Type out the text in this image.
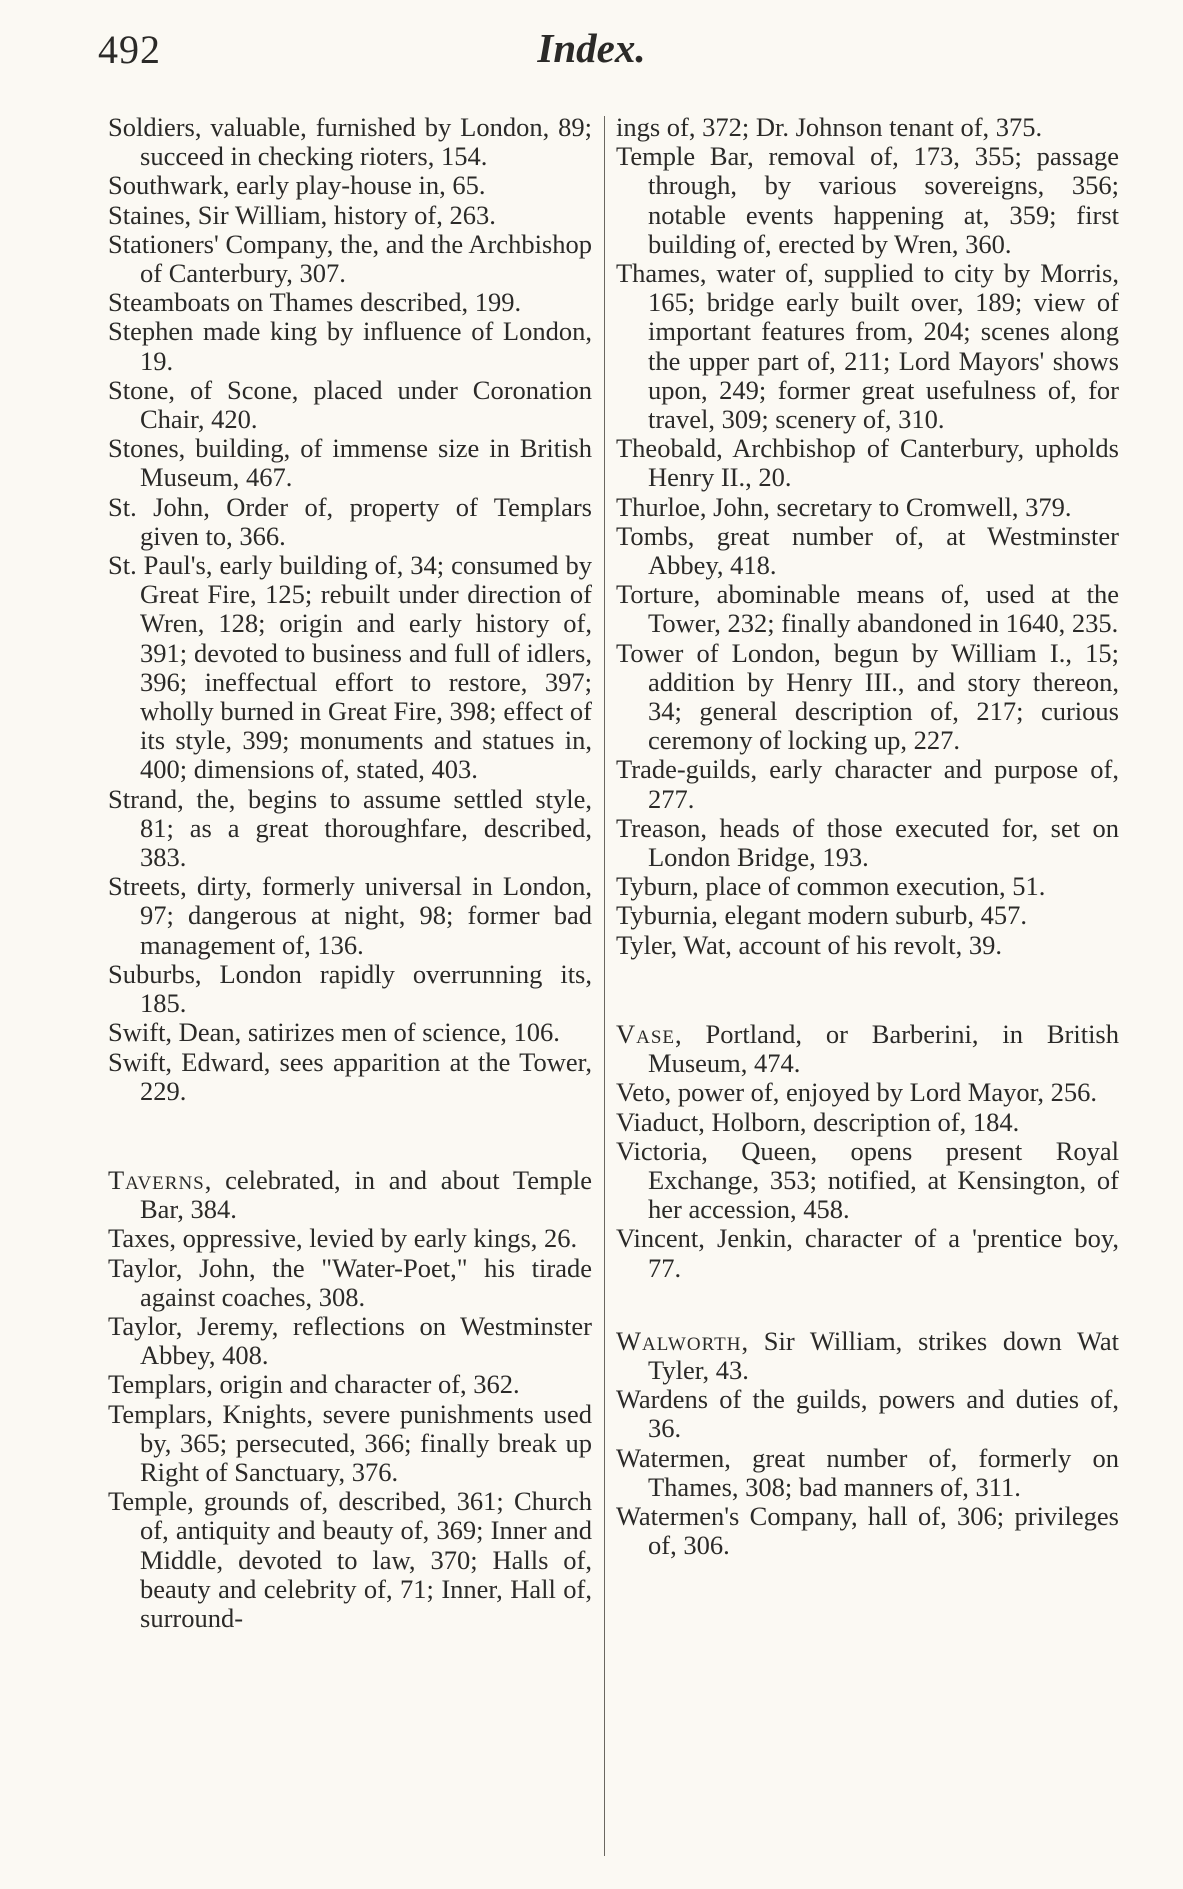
492	Index.

Soldiers, valuable, furnished by London, 89; succeed in checking rioters, 154.

Southwark, early play-house in, 65.

Staines, Sir William, history of, 263.

Stationers' Company, the, and the Archbishop of Canterbury, 307.

Steamboats on Thames described, 199.

Stephen made king by influence of London, 19.

Stone, of Scone, placed under Coronation Chair, 420.

Stones, building, of immense size in British Museum, 467.

St. John, Order of, property of Templars given to, 366.

St. Paul's, early building of, 34; consumed by Great Fire, 125; rebuilt under direction of Wren, 128; origin and early history of, 391; devoted to business and full of idlers, 396; ineffectual effort to restore, 397; wholly burned in Great Fire, 398; effect of its style, 399; monuments and statues in, 400; dimensions of, stated, 403.

Strand, the, begins to assume settled style, 81; as a great thoroughfare, described, 383.

Streets, dirty, formerly universal in London, 97; dangerous at night, 98; former bad management of, 136.

Suburbs, London rapidly overrunning its, 185.

Swift, Dean, satirizes men of science, 106.

Swift, Edward, sees apparition at the Tower, 229.

Taverns, celebrated, in and about Temple Bar, 384.

Taxes, oppressive, levied by early kings, 26.

Taylor, John, the "Water-Poet," his tirade against coaches, 308.

Taylor, Jeremy, reflections on Westminster Abbey, 408.

Templars, origin and character of, 362.

Templars, Knights, severe punishments used by, 365; persecuted, 366; finally break up Right of Sanctuary, 376.

Temple, grounds of, described, 361; Church of, antiquity and beauty of, 369; Inner and Middle, devoted to law, 370; Halls of, beauty and celebrity of, 71; Inner, Hall of, surround-

ings of, 372; Dr. Johnson tenant of, 375.

Temple Bar, removal of, 173, 355; passage through, by various sovereigns, 356; notable events happening at, 359; first building of, erected by Wren, 360.

Thames, water of, supplied to city by Morris, 165; bridge early built over, 189; view of important features from, 204; scenes along the upper part of, 211; Lord Mayors' shows upon, 249; former great usefulness of, for travel, 309; scenery of, 310.

Theobald, Archbishop of Canterbury, upholds Henry II., 20.

Thurloe, John, secretary to Cromwell, 379.

Tombs, great number of, at Westminster Abbey, 418.

Torture, abominable means of, used at the Tower, 232; finally abandoned in 1640, 235.

Tower of London, begun by William I., 15; addition by Henry III., and story thereon, 34; general description of, 217; curious ceremony of locking up, 227.

Trade-guilds, early character and purpose of, 277.

Treason, heads of those executed for, set on London Bridge, 193.

Tyburn, place of common execution, 51.

Tyburnia, elegant modern suburb, 457.

Tyler, Wat, account of his revolt, 39.

Vase, Portland, or Barberini, in British Museum, 474.

Veto, power of, enjoyed by Lord Mayor, 256.

Viaduct, Holborn, description of, 184.

Victoria, Queen, opens present Royal Exchange, 353; notified, at Kensington, of her accession, 458.

Vincent, Jenkin, character of a 'prentice boy, 77.

Walworth, Sir William, strikes down Wat Tyler, 43.

Wardens of the guilds, powers and duties of, 36.

Watermen, great number of, formerly on Thames, 308; bad manners of, 311.

Watermen's Company, hall of, 306; privileges of, 306.
